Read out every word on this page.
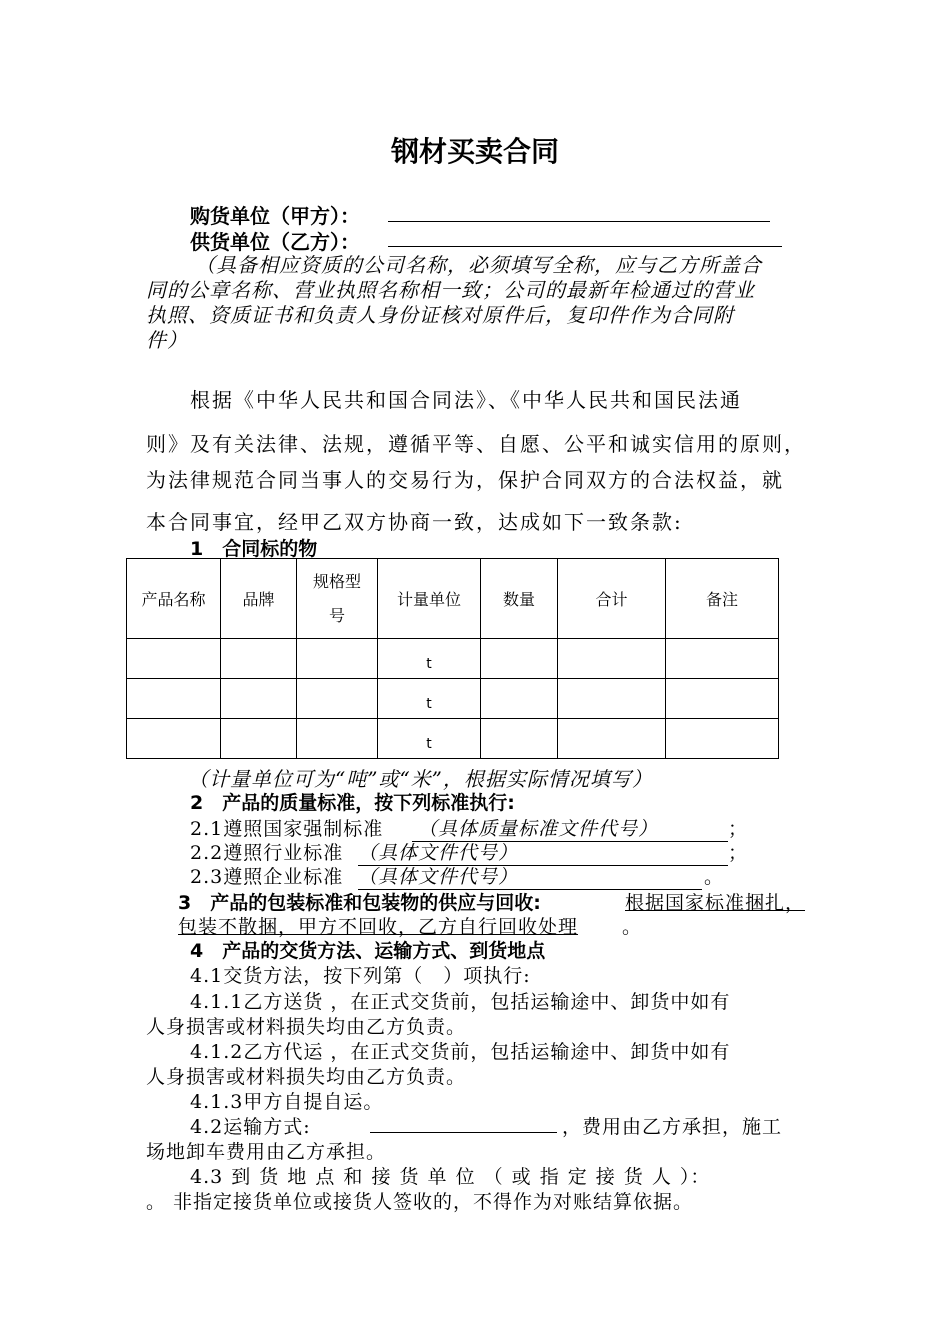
钢材买卖合同
购货单位（甲方）：
供货单位（乙方）：
（具备相应资质的公司名称，必须填写全称，应与乙方所盖合
同的公章名称、营业执照名称相一致；公司的最新年检通过的营业
执照、资质证书和负责人身份证核对原件后，复印件作为合同附
件）
根据《中华人民共和国合同法》、《中华人民共和国民法通
则》及有关法律、法规，遵循平等、自愿、公平和诚实信用的原则，
为法律规范合同当事人的交易行为，保护合同双方的合法权益，就
本合同事宜，经甲乙双方协商一致，达成如下一致条款:
1　合同标的物
产品名称	品牌	规格型号	计量单位	数量	合计	备注
			t			
			t			
			t			
（计量单位可为“吨”或“米”，根据实际情况填写）
2　产品的质量标准，按下列标准执行:
2.1遵照国家强制标准	（具体质量标准文件代号）	；
2.2遵照行业标准 （具体文件代号）	；
2.3遵照企业标准 （具体文件代号）	。
3　产品的包装标准和包装物的供应与回收:	根据国家标准捆扎，
包装不散捆，甲方不回收，乙方自行回收处理 。
4　产品的交货方法、运输方式、到货地点
4.1交货方法，按下列第（　）项执行:
4.1.1乙方送货 ，在正式交货前，包括运输途中、卸货中如有
人身损害或材料损失均由乙方负责。
4.1.2乙方代运 ，在正式交货前，包括运输途中、卸货中如有
人身损害或材料损失均由乙方负责。
4.1.3甲方自提自运。
4.2运输方式:	，费用由乙方承担，施工
场地卸车费用由乙方承担。
4.3 到 货 地 点 和 接 货 单 位 （ 或 指 定 接 货 人 ）：
。 非指定接货单位或接货人签收的，不得作为对账结算依据。
